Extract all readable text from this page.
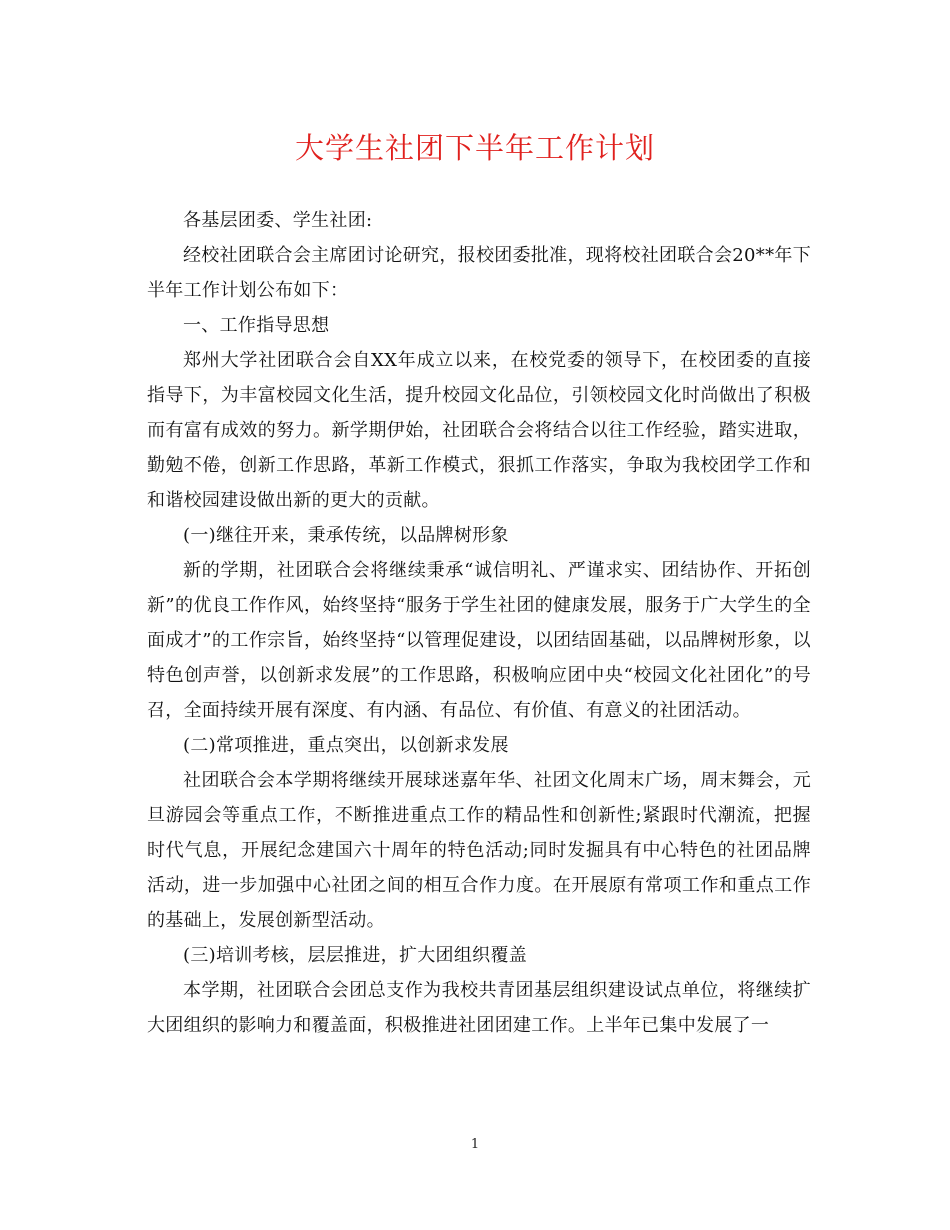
大学生社团下半年工作计划

各基层团委、学生社团:

经校社团联合会主席团讨论研究，报校团委批准，现将校社团联合会20**年下半年工作计划公布如下：

一、工作指导思想

郑州大学社团联合会自XX年成立以来，在校党委的领导下，在校团委的直接指导下，为丰富校园文化生活，提升校园文化品位，引领校园文化时尚做出了积极而有富有成效的努力。新学期伊始，社团联合会将结合以往工作经验，踏实进取，勤勉不倦，创新工作思路，革新工作模式，狠抓工作落实，争取为我校团学工作和和谐校园建设做出新的更大的贡献。

(一)继往开来，秉承传统，以品牌树形象

新的学期，社团联合会将继续秉承“诚信明礼、严谨求实、团结协作、开拓创新”的优良工作作风，始终坚持“服务于学生社团的健康发展，服务于广大学生的全面成才”的工作宗旨，始终坚持“以管理促建设，以团结固基础，以品牌树形象，以特色创声誉，以创新求发展”的工作思路，积极响应团中央“校园文化社团化”的号召，全面持续开展有深度、有内涵、有品位、有价值、有意义的社团活动。

(二)常项推进，重点突出，以创新求发展

社团联合会本学期将继续开展球迷嘉年华、社团文化周末广场，周末舞会，元旦游园会等重点工作，不断推进重点工作的精品性和创新性;紧跟时代潮流，把握时代气息，开展纪念建国六十周年的特色活动;同时发掘具有中心特色的社团品牌活动，进一步加强中心社团之间的相互合作力度。在开展原有常项工作和重点工作的基础上，发展创新型活动。

(三)培训考核，层层推进，扩大团组织覆盖

本学期，社团联合会团总支作为我校共青团基层组织建设试点单位，将继续扩大团组织的影响力和覆盖面，积极推进社团团建工作。上半年已集中发展了一

1
